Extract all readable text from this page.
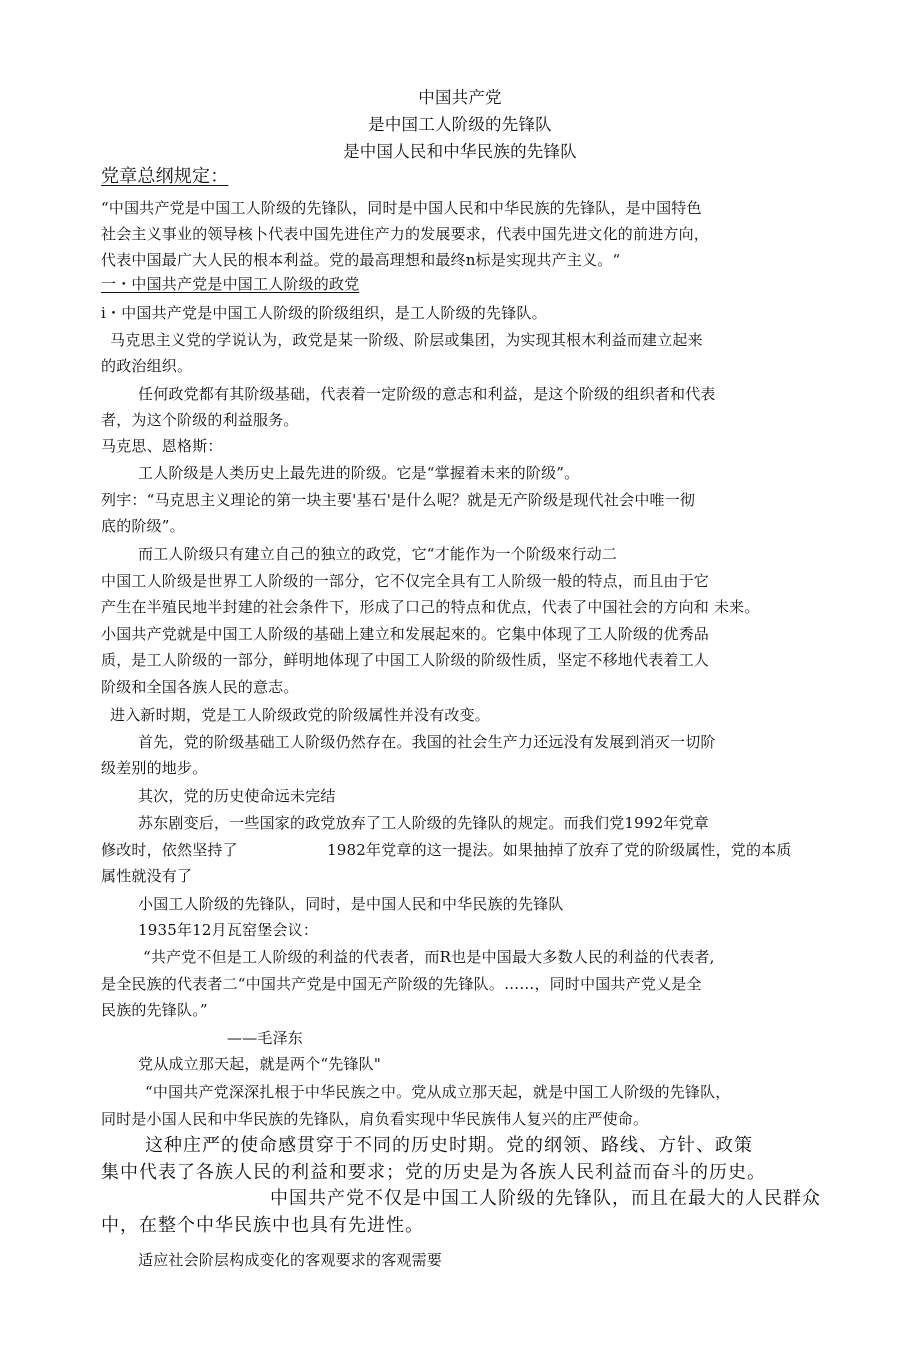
中国共产党
是中国工人阶级的先锋队
是中国人民和中华民族的先锋队
党章总纲规定：
“中国共产党是中国工人阶级的先锋队，同时是中国人民和中华民族的先锋队，是中国特色
社会主义事业的领导核卜代表中国先进住产力的发展要求，代表中国先进文化的前进方向，
代表中国最广大人民的根本利益。党的最高理想和最终n标是实现共产主义。“
一・中国共产党是中国工人阶级的政党
i・中国共产党是中国工人阶级的阶级组织，是工人阶级的先锋队。
马克思主义党的学说认为，政党是某一阶级、阶层或集团，为实现其根木利益而建立起来
的政治组织。
任何政党都有其阶级基础，代表着一定阶级的意志和利益，是这个阶级的组织者和代表
者，为这个阶级的利益服务。
马克思、恩格斯：
工人阶级是人类历史上最先进的阶级。它是“掌握着未来的阶级”。
列宇：“马克思主义理论的第一块主要'基石'是什么呢？就是无产阶级是现代社会中唯一彻
底的阶级”。
而工人阶级只有建立自己的独立的政党，它“才能作为一个阶级來行动二
中国工人阶级是世界工人阶级的一部分，它不仅完全具有工人阶级一般的特点，而且由于它
产生在半殖民地半封建的社会条件下，形成了口己的特点和优点，代表了中国社会的方向和 未来。
小国共产党就是中国工人阶级的基础上建立和发展起來的。它集中体现了工人阶级的优秀品
质，是工人阶级的一部分，鲜明地体现了中国工人阶级的阶级性质，坚定不移地代表着工人
阶级和全国各族人民的意志。
进入新时期，党是工人阶级政党的阶级属性并没有改变。
首先，党的阶级基础工人阶级仍然存在。我国的社会生产力还远没有发展到消灭一切阶
级差别的地步。
其次，党的历史使命远未完结
苏东剧变后，一些国家的政党放弃了工人阶级的先锋队的规定。而我们党1992年党章
修改时，依然坚持了	1982年党章的这一提法。如果抽掉了放弃了党的阶级属性，党的本质
属性就没有了
小国工人阶级的先锋队，同时，是中国人民和中华民族的先锋队
1935年12月瓦窑堡会议：
“共产党不但是工人阶级的利益的代表者，而R也是中国最大多数人民的利益的代表者,
是全民族的代表者二“中国共产党是中国无产阶级的先锋队。……，同时中国共产党乂是全
民族的先锋队。”
——毛泽东
党从成立那天起，就是两个“先锋队"
“中国共产党深深扎根于中华民族之中。党从成立那天起，就是中国工人阶级的先锋队，
同时是小国人民和中华民族的先锋队，肩负看实现中华民族伟人复兴的庄严使命。
这种庄严的使命感贯穿于不同的历史时期。党的纲领、路线、方针、政策
集中代表了各族人民的利益和要求；党的历史是为各族人民利益而奋斗的历史。
中国共产党不仅是中国工人阶级的先锋队，而且在最大的人民群众
中，在整个中华民族中也具有先进性。
适应社会阶层构成变化的客观要求的客观需要
